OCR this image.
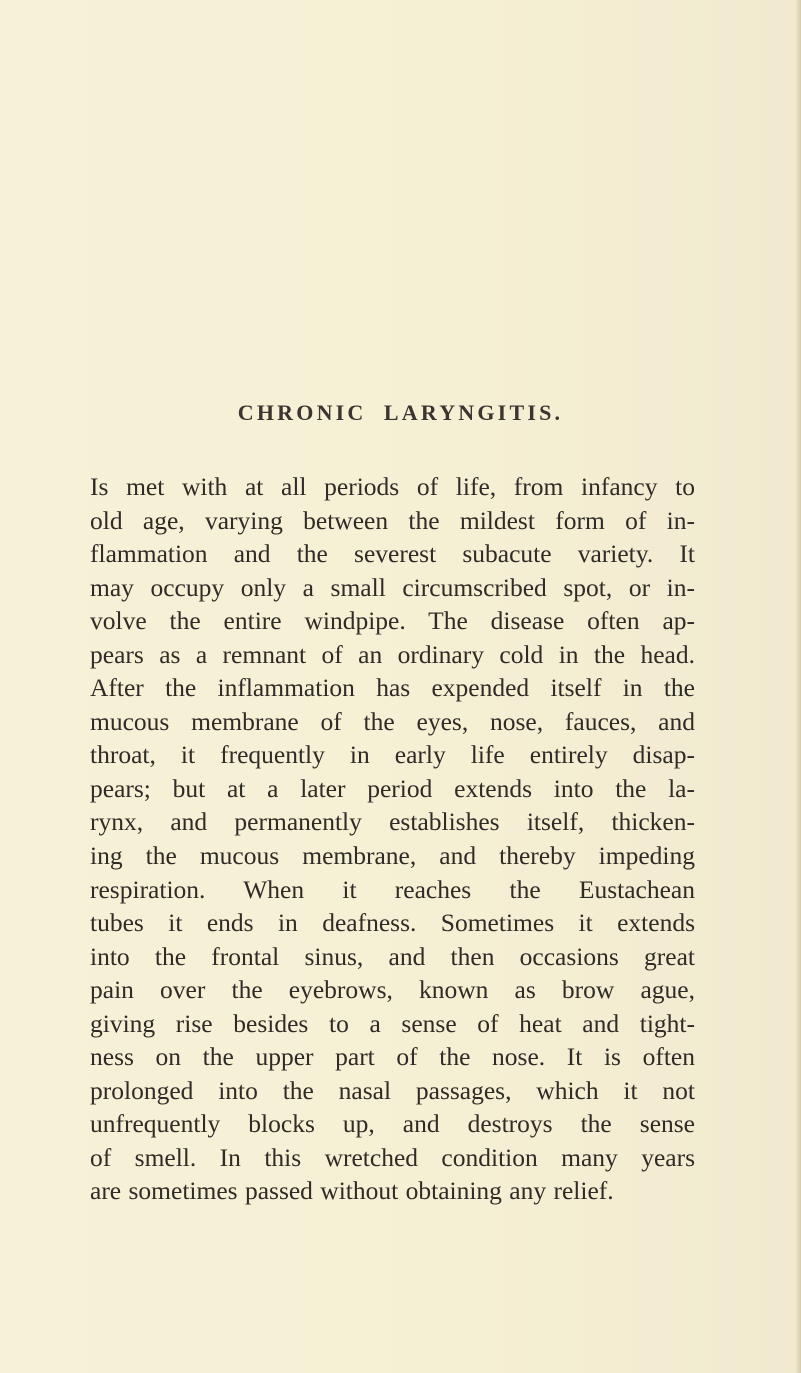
CHRONIC LARYNGITIS.
Is met with at all periods of life, from infancy to
old age, varying between the mildest form of in-
flammation and the severest subacute variety. It
may occupy only a small circumscribed spot, or in-
volve the entire windpipe. The disease often ap-
pears as a remnant of an ordinary cold in the head.
After the inflammation has expended itself in the
mucous membrane of the eyes, nose, fauces, and
throat, it frequently in early life entirely disap-
pears; but at a later period extends into the la-
rynx, and permanently establishes itself, thicken-
ing the mucous membrane, and thereby impeding
respiration. When it reaches the Eustachean
tubes it ends in deafness. Sometimes it extends
into the frontal sinus, and then occasions great
pain over the eyebrows, known as brow ague,
giving rise besides to a sense of heat and tight-
ness on the upper part of the nose. It is often
prolonged into the nasal passages, which it not
unfrequently blocks up, and destroys the sense
of smell. In this wretched condition many years
are sometimes passed without obtaining any relief.
